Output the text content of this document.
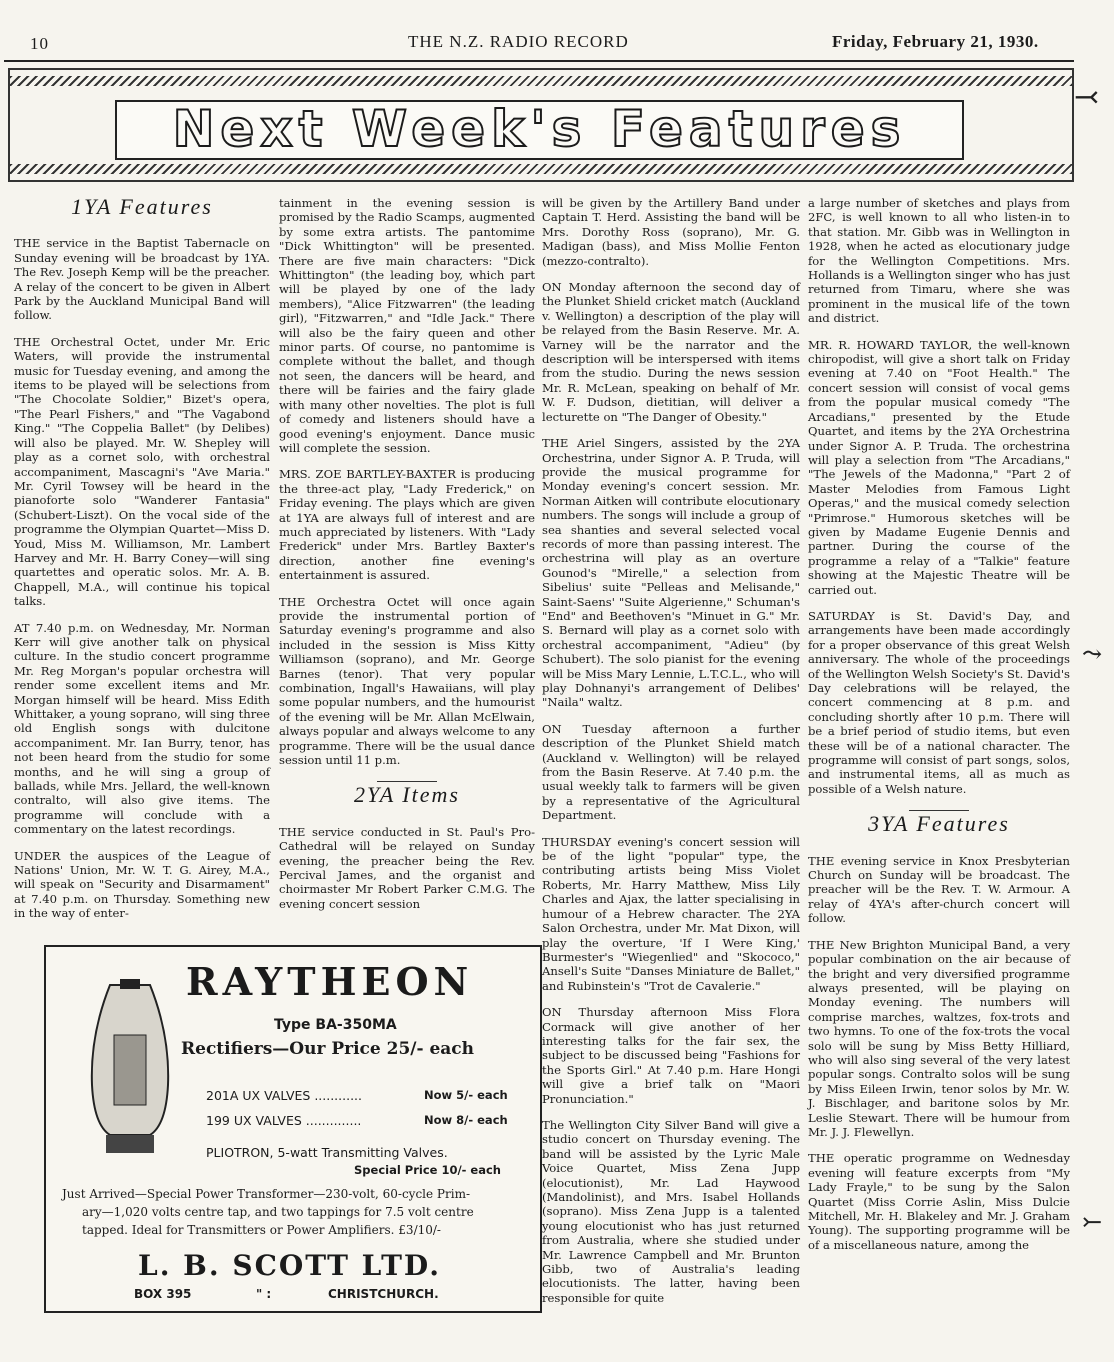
10	THE N.Z. RADIO RECORD	Friday, February 21, 1930.
Next Week's Features
1YA Features

THE service in the Baptist Tabernacle on Sunday evening will be broadcast by 1YA. The Rev. Joseph Kemp will be the preacher. A relay of the concert to be given in Albert Park by the Auckland Municipal Band will follow.

THE Orchestral Octet, under Mr. Eric Waters, will provide the instrumental music for Tuesday evening, and among the items to be played will be selections from "The Chocolate Soldier," Bizet's opera, "The Pearl Fishers," and "The Vagabond King." "The Coppelia Ballet" (by Delibes) will also be played. Mr. W. Shepley will play as a cornet solo, with orchestral accompaniment, Mascagni's "Ave Maria." Mr. Cyril Towsey will be heard in the pianoforte solo "Wanderer Fantasia" (Schubert-Liszt). On the vocal side of the programme the Olympian Quartet—Miss D. Youd, Miss M. Williamson, Mr. Lambert Harvey and Mr. H. Barry Coney—will sing quartettes and operatic solos. Mr. A. B. Chappell, M.A., will continue his topical talks.

AT 7.40 p.m. on Wednesday, Mr. Norman Kerr will give another talk on physical culture. In the studio concert programme Mr. Reg Morgan's popular orchestra will render some excellent items and Mr. Morgan himself will be heard. Miss Edith Whittaker, a young soprano, will sing three old English songs with dulcitone accompaniment. Mr. Ian Burry, tenor, has not been heard from the studio for some months, and he will sing a group of ballads, while Mrs. Jellard, the well-known contralto, will also give items. The programme will conclude with a commentary on the latest recordings.

UNDER the auspices of the League of Nations' Union, Mr. W. T. G. Airey, M.A., will speak on "Security and Disarmament" at 7.40 p.m. on Thursday. Something new in the way of enter-

tainment in the evening session is promised by the Radio Scamps, augmented by some extra artists. The pantomime "Dick Whittington" will be presented. There are five main characters: "Dick Whittington" (the leading boy, which part will be played by one of the lady members), "Alice Fitzwarren" (the leading girl), "Fitzwarren," and "Idle Jack." There will also be the fairy queen and other minor parts. Of course, no pantomime is complete without the ballet, and though not seen, the dancers will be heard, and there will be fairies and the fairy glade with many other novelties. The plot is full of comedy and listeners should have a good evening's enjoyment. Dance music will complete the session.

MRS. ZOE BARTLEY-BAXTER is producing the three-act play, "Lady Frederick," on Friday evening. The plays which are given at 1YA are always full of interest and are much appreciated by listeners. With "Lady Frederick" under Mrs. Bartley Baxter's direction, another fine evening's entertainment is assured.

THE Orchestra Octet will once again provide the instrumental portion of Saturday evening's programme and also included in the session is Miss Kitty Williamson (soprano), and Mr. George Barnes (tenor). That very popular combination, Ingall's Hawaiians, will play some popular numbers, and the humourist of the evening will be Mr. Allan McElwain, always popular and always welcome to any programme. There will be the usual dance session until 11 p.m.

2YA Items

THE service conducted in St. Paul's Pro-Cathedral will be relayed on Sunday evening, the preacher being the Rev. Percival James, and the organist and choirmaster Mr Robert Parker C.M.G. The evening concert session

will be given by the Artillery Band under Captain T. Herd. Assisting the band will be Mrs. Dorothy Ross (soprano), Mr. G. Madigan (bass), and Miss Mollie Fenton (mezzo-contralto).

ON Monday afternoon the second day of the Plunket Shield cricket match (Auckland v. Wellington) a description of the play will be relayed from the Basin Reserve. Mr. A. Varney will be the narrator and the description will be interspersed with items from the studio. During the news session Mr. R. McLean, speaking on behalf of Mr. W. F. Dudson, dietitian, will deliver a lecturette on "The Danger of Obesity."

THE Ariel Singers, assisted by the 2YA Orchestrina, under Signor A. P. Truda, will provide the musical programme for Monday evening's concert session. Mr. Norman Aitken will contribute elocutionary numbers. The songs will include a group of sea shanties and several selected vocal records of more than passing interest. The orchestrina will play as an overture Gounod's "Mirelle," a selection from Sibelius' suite "Pelleas and Melisande," Saint-Saens' "Suite Algerienne," Schuman's "End" and Beethoven's "Minuet in G." Mr. S. Bernard will play as a cornet solo with orchestral accompaniment, "Adieu" (by Schubert). The solo pianist for the evening will be Miss Mary Lennie, L.T.C.L., who will play Dohnanyi's arrangement of Delibes' "Naila" waltz.

ON Tuesday afternoon a further description of the Plunket Shield match (Auckland v. Wellington) will be relayed from the Basin Reserve. At 7.40 p.m. the usual weekly talk to farmers will be given by a representative of the Agricultural Department.

THURSDAY evening's concert session will be of the light "popular" type, the contributing artists being Miss Violet Roberts, Mr. Harry Matthew, Miss Lily Charles and Ajax, the latter specialising in humour of a Hebrew character. The 2YA Salon Orchestra, under Mr. Mat Dixon, will play the overture, 'If I Were King,' Burmester's "Wiegenlied" and "Skococo," Ansell's Suite "Danses Miniature de Ballet," and Rubinstein's "Trot de Cavalerie."

ON Thursday afternoon Miss Flora Cormack will give another of her interesting talks for the fair sex, the subject to be discussed being "Fashions for the Sports Girl." At 7.40 p.m. Hare Hongi will give a brief talk on "Maori Pronunciation."

The Wellington City Silver Band will give a studio concert on Thursday evening. The band will be assisted by the Lyric Male Voice Quartet, Miss Zena Jupp (elocutionist), Mr. Lad Haywood (Mandolinist), and Mrs. Isabel Hollands (soprano). Miss Zena Jupp is a talented young elocutionist who has just returned from Australia, where she studied under Mr. Lawrence Campbell and Mr. Brunton Gibb, two of Australia's leading elocutionists. The latter, having been responsible for quite

a large number of sketches and plays from 2FC, is well known to all who listen-in to that station. Mr. Gibb was in Wellington in 1928, when he acted as elocutionary judge for the Wellington Competitions. Mrs. Hollands is a Wellington singer who has just returned from Timaru, where she was prominent in the musical life of the town and district.

MR. R. HOWARD TAYLOR, the well-known chiropodist, will give a short talk on Friday evening at 7.40 on "Foot Health." The concert session will consist of vocal gems from the popular musical comedy "The Arcadians," presented by the Etude Quartet, and items by the 2YA Orchestrina under Signor A. P. Truda. The orchestrina will play a selection from "The Arcadians," "The Jewels of the Madonna," "Part 2 of Master Melodies from Famous Light Operas," and the musical comedy selection "Primrose." Humorous sketches will be given by Madame Eugenie Dennis and partner. During the course of the programme a relay of a "Talkie" feature showing at the Majestic Theatre will be carried out.

SATURDAY is St. David's Day, and arrangements have been made accordingly for a proper observance of this great Welsh anniversary. The whole of the proceedings of the Wellington Welsh Society's St. David's Day celebrations will be relayed, the concert commencing at 8 p.m. and concluding shortly after 10 p.m. There will be a brief period of studio items, but even these will be of a national character. The programme will consist of part songs, solos, and instrumental items, all as much as possible of a Welsh nature.

3YA Features

THE evening service in Knox Presbyterian Church on Sunday will be broadcast. The preacher will be the Rev. T. W. Armour. A relay of 4YA's after-church concert will follow.

THE New Brighton Municipal Band, a very popular combination on the air because of the bright and very diversified programme always presented, will be playing on Monday evening. The numbers will comprise marches, waltzes, fox-trots and two hymns. To one of the fox-trots the vocal solo will be sung by Miss Betty Hilliard, who will also sing several of the very latest popular songs. Contralto solos will be sung by Miss Eileen Irwin, tenor solos by Mr. W. J. Bischlager, and baritone solos by Mr. Leslie Stewart. There will be humour from Mr. J. J. Flewellyn.

THE operatic programme on Wednesday evening will feature excerpts from "My Lady Frayle," to be sung by the Salon Quartet (Miss Corrie Aslin, Miss Dulcie Mitchell, Mr. H. Blakeley and Mr. J. Graham Young). The supporting programme will be of a miscellaneous nature, among the

RAYTHEON
Type BA-350MA
Rectifiers—Our Price 25/- each
201A UX VALVES ............	Now 5/- each
199 UX VALVES ..............	Now 8/- each
PLIOTRON, 5-watt Transmitting Valves.
Special Price 10/- each
Just Arrived—Special Power Transformer—230-volt, 60-cycle Prim-
ary—1,020 volts centre tap, and two tappings for 7.5 volt centre
tapped. Ideal for Transmitters or Power Amplifiers. £3/10/-
L. B. SCOTT LTD.
BOX 395	" :	CHRISTCHURCH.
⤙
⤳
⤚
